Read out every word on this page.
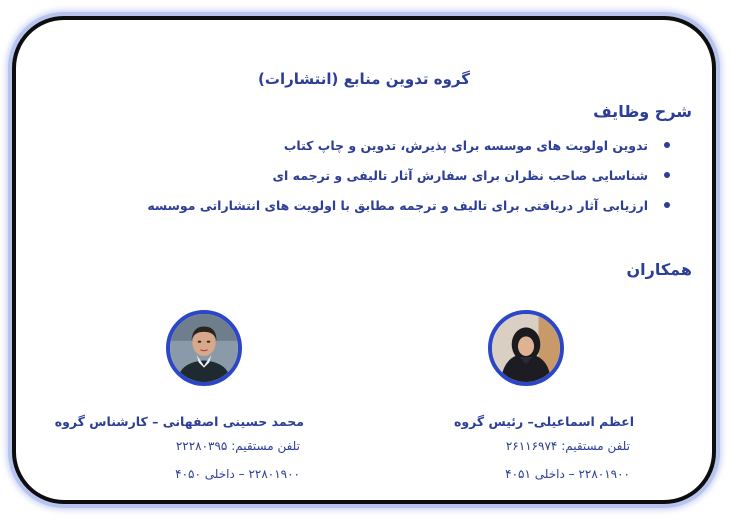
گروه تدوین منابع (انتشارات)
شرح وظایف
تدوین اولویت های موسسه برای پذیرش، تدوین و چاپ کتاب
شناسایی صاحب نظران برای سفارش آثار تالیفی و ترجمه ای
ارزیابی آثار دریافتی برای تالیف و ترجمه مطابق با اولویت های انتشاراتی موسسه
همکاران
اعظم اسماعیلی– رئیس گروه
تلفن مستقیم: ۲۶۱۱۶۹۷۴
۲۲۸۰۱۹۰۰ – داخلی ۴۰۵۱
محمد حسینی اصفهانی – کارشناس گروه
تلفن مستقیم: ۲۲۲۸۰۳۹۵
۲۲۸۰۱۹۰۰ – داخلی ۴۰۵۰
